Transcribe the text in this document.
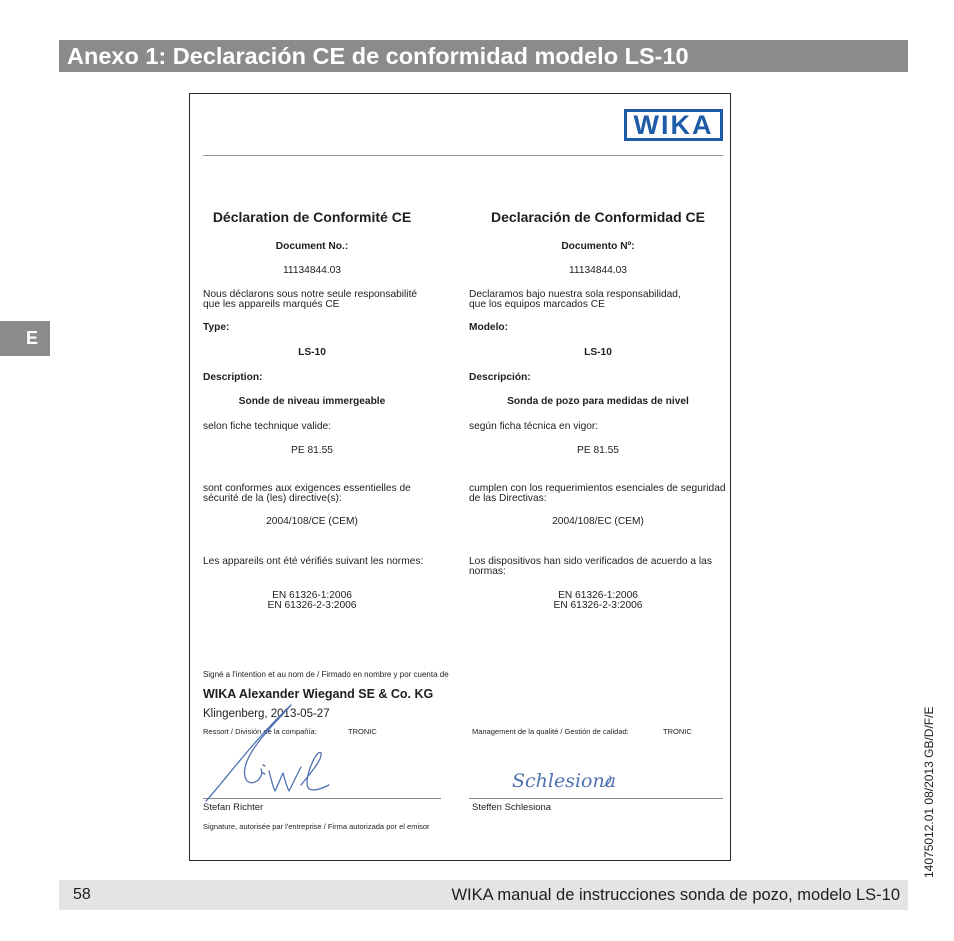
Anexo 1: Declaración CE de conformidad modelo LS-10
E
WIKA
Déclaration de Conformité CE
Document No.:
11134844.03
Nous déclarons sous notre seule responsabilité
que les appareils marqués CE
Type:
LS-10
Description:
Sonde de niveau immergeable
selon fiche technique valide:
PE 81.55
sont conformes aux exigences essentielles de
sécurité de la (les) directive(s):
2004/108/CE (CEM)
Les appareils ont été vérifiés suivant les normes:
EN 61326-1:2006
EN 61326-2-3:2006
Declaración de Conformidad CE
Documento Nº:
11134844.03
Declaramos bajo nuestra sola responsabilidad,
que los equipos marcados CE
Modelo:
LS-10
Descripción:
Sonda de pozo para medidas de nivel
según ficha técnica en vigor:
PE 81.55
cumplen con los requerimientos esenciales de seguridad
de las Directivas:
2004/108/EC (CEM)
Los dispositivos han sido verificados de acuerdo a las
normas:
EN 61326-1:2006
EN 61326-2-3:2006
Signé a l'intention et au nom de / Firmado en nombre y por cuenta de
WIKA Alexander Wiegand SE & Co. KG
Klingenberg, 2013-05-27
Ressort / División de la compañía:	TRONIC	Management de la qualité / Gestión de calidad:	TRONIC
Stefan Richter	Steffen Schlesiona
Signature, autorisée par l'entreprise / Firma autorizada por el emisor
Schlesiona
58	WIKA manual de instrucciones sonda de pozo, modelo LS-10
14075012.01 08/2013 GB/D/F/E
